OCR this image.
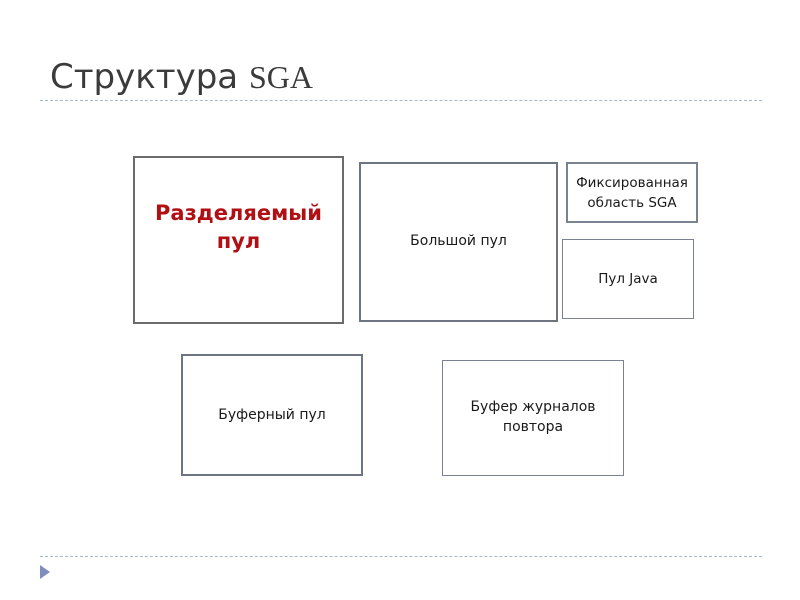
Структура SGA
Разделяемый
пул	Большой пул
Фиксированная
область SGA
Пул Java
Буферный пул	Буфер журналов
повтора
